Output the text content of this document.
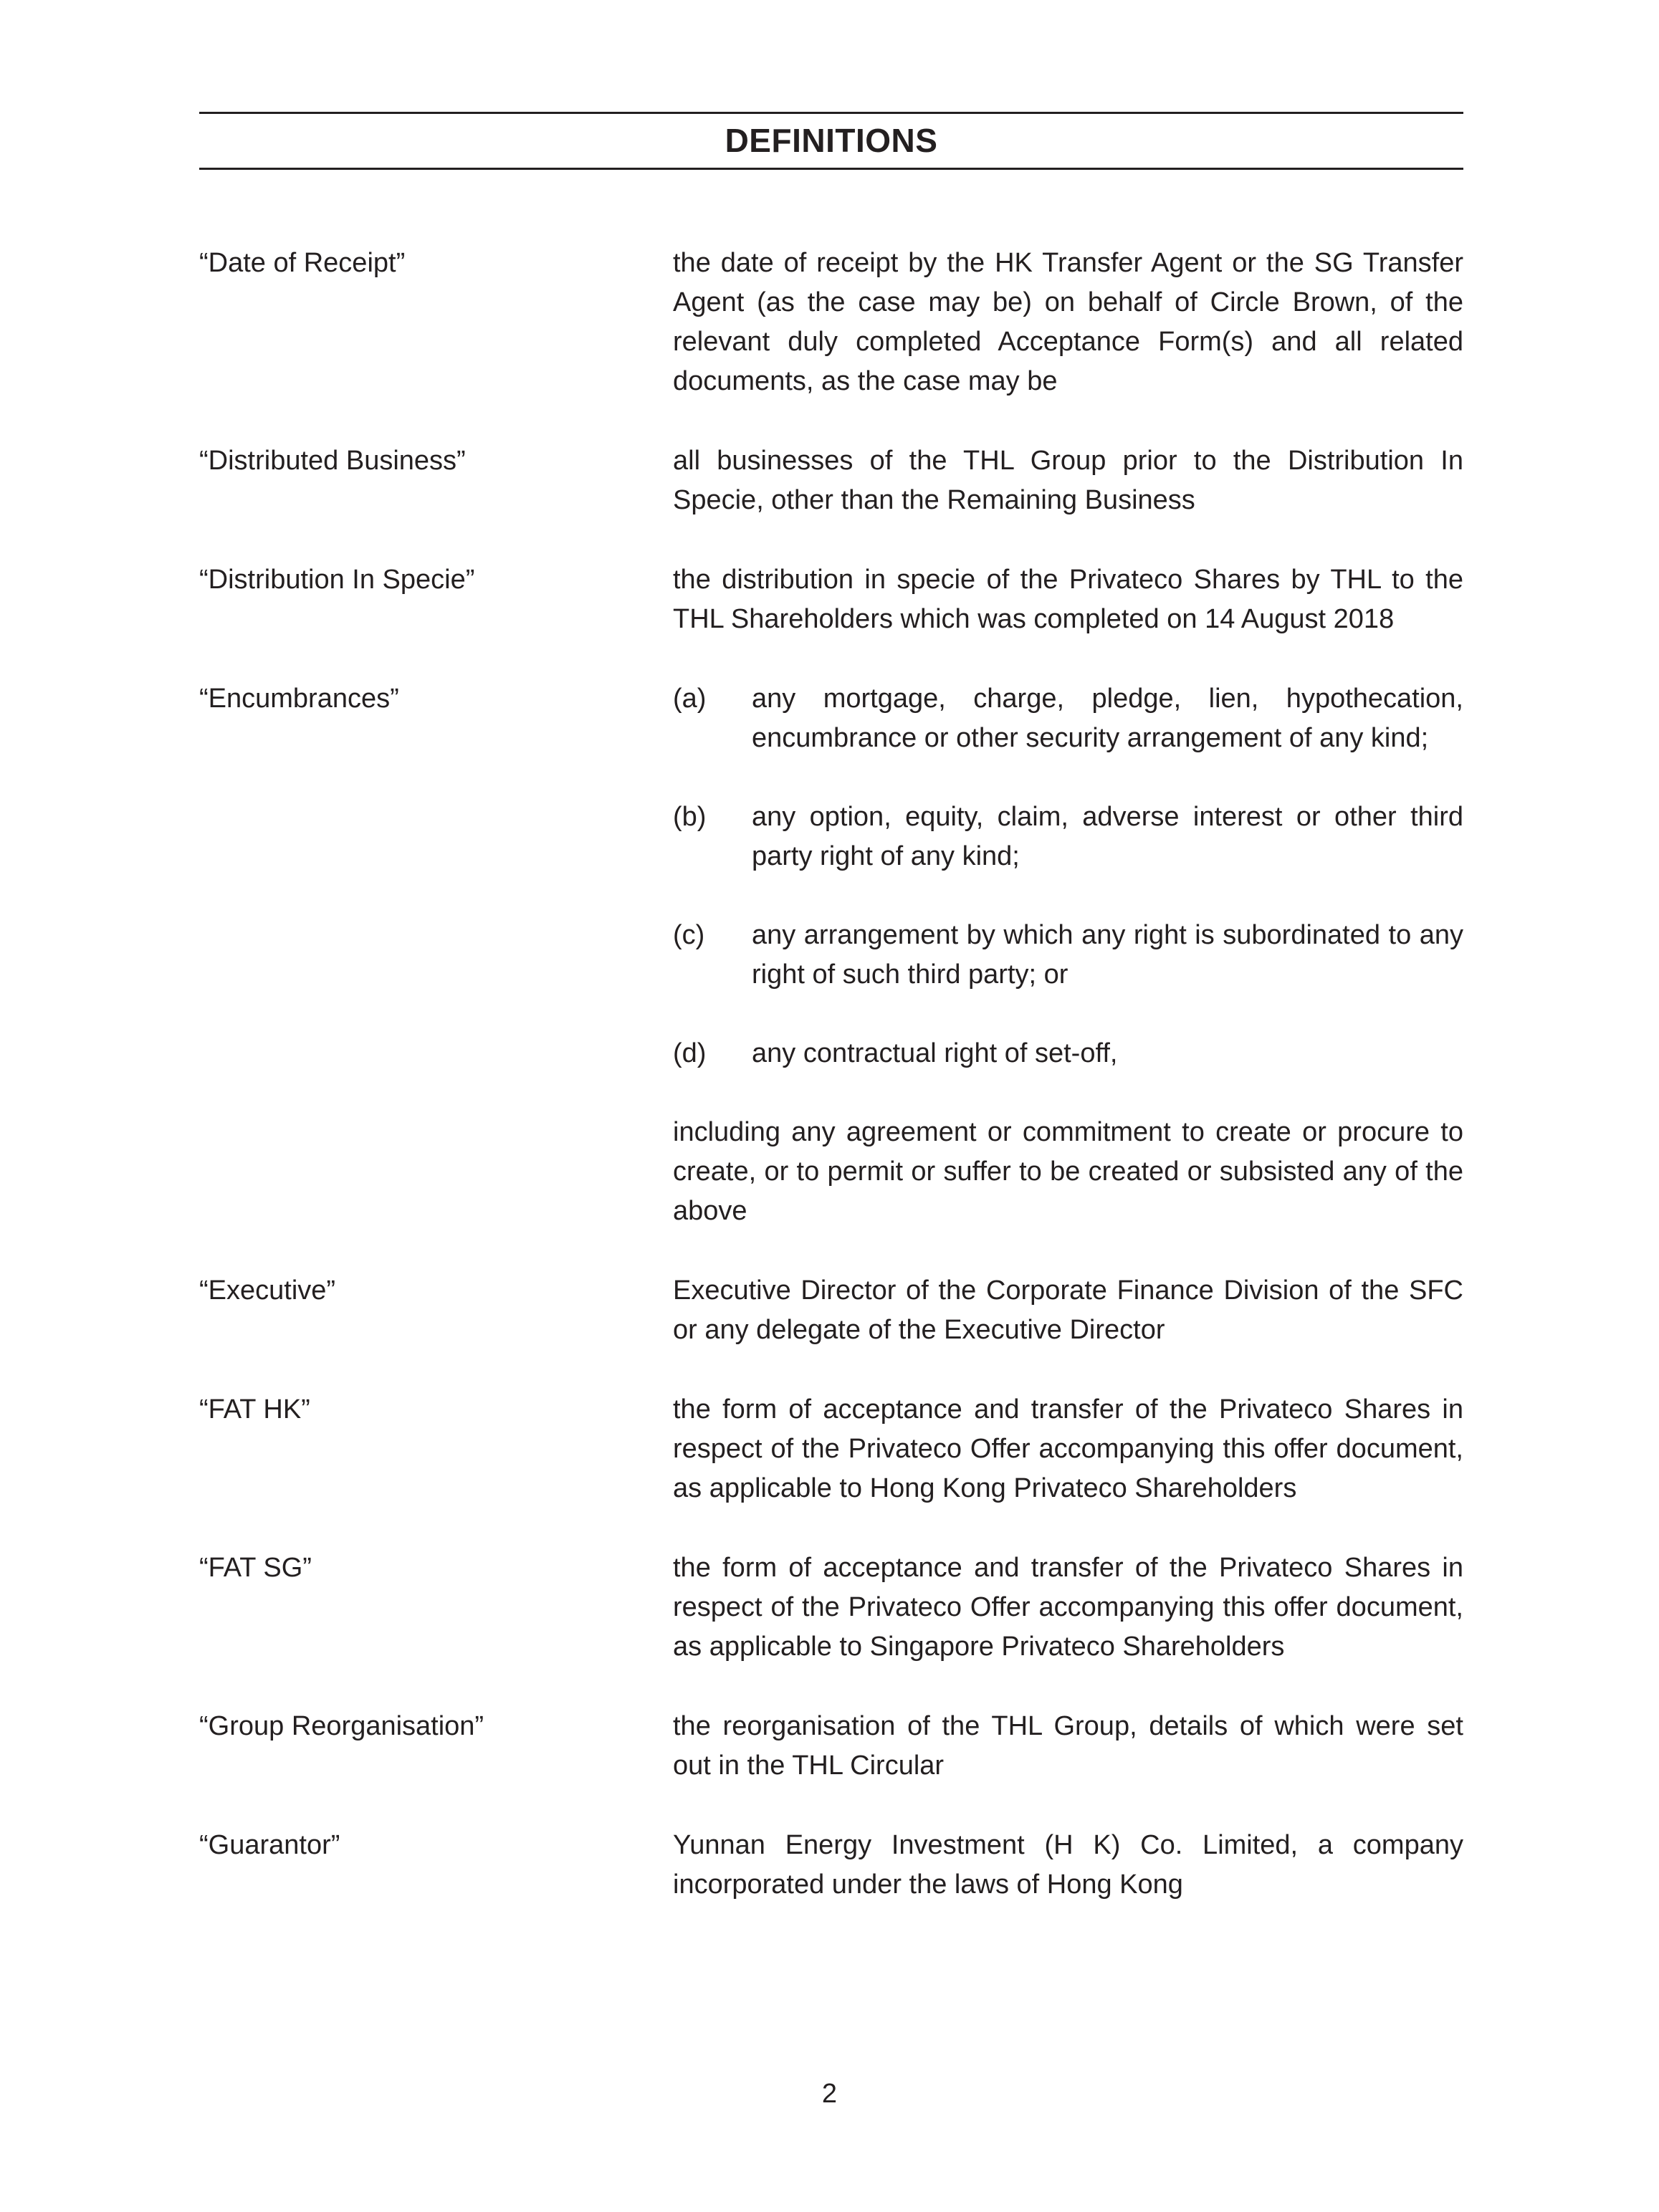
DEFINITIONS
“Date of Receipt”	the date of receipt by the HK Transfer Agent or the SG Transfer Agent (as the case may be) on behalf of Circle Brown, of the relevant duly completed Acceptance Form(s) and all related documents, as the case may be
“Distributed Business”	all businesses of the THL Group prior to the Distribution In Specie, other than the Remaining Business
“Distribution In Specie”	the distribution in specie of the Privateco Shares by THL to the THL Shareholders which was completed on 14 August 2018
“Encumbrances”	(a) any mortgage, charge, pledge, lien, hypothecation, encumbrance or other security arrangement of any kind;
(b) any option, equity, claim, adverse interest or other third party right of any kind;
(c) any arrangement by which any right is subordinated to any right of such third party; or
(d) any contractual right of set-off,

including any agreement or commitment to create or procure to create, or to permit or suffer to be created or subsisted any of the above

“Executive”	Executive Director of the Corporate Finance Division of the SFC or any delegate of the Executive Director
“FAT HK”	the form of acceptance and transfer of the Privateco Shares in respect of the Privateco Offer accompanying this offer document, as applicable to Hong Kong Privateco Shareholders
“FAT SG”	the form of acceptance and transfer of the Privateco Shares in respect of the Privateco Offer accompanying this offer document, as applicable to Singapore Privateco Shareholders
“Group Reorganisation”	the reorganisation of the THL Group, details of which were set out in the THL Circular
“Guarantor”	Yunnan Energy Investment (H K) Co. Limited, a company incorporated under the laws of Hong Kong
2
